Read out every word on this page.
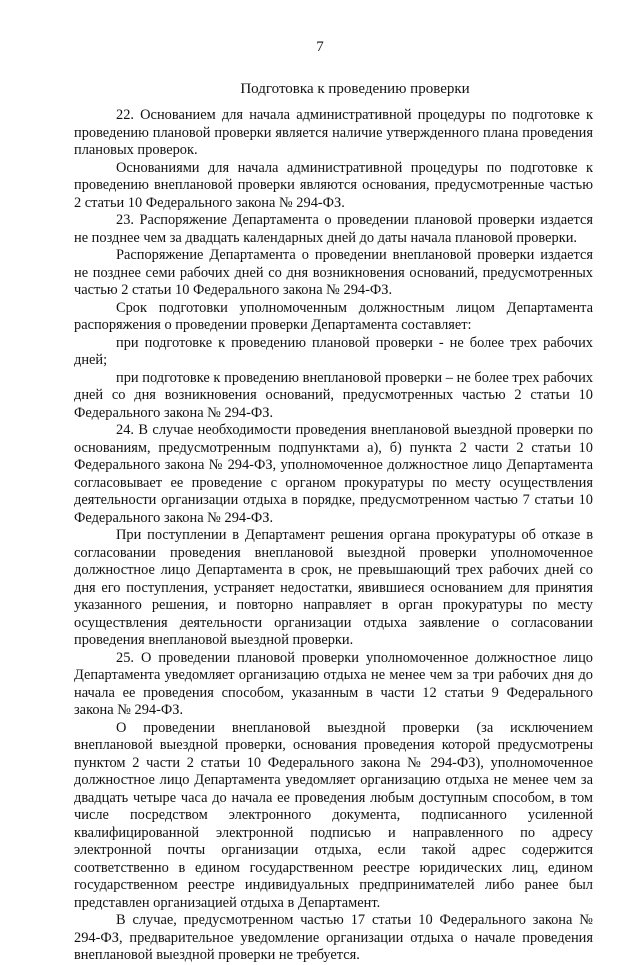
7
Подготовка к проведению проверки

22. Основанием для начала административной процедуры по подготовке к проведению плановой проверки является наличие утвержденного плана проведения плановых проверок.

Основаниями для начала административной процедуры по подготовке к проведению внеплановой проверки являются основания, предусмотренные частью 2 статьи 10 Федерального закона № 294-ФЗ.

23. Распоряжение Департамента о проведении плановой проверки издается не позднее чем за двадцать календарных дней до даты начала плановой проверки.

Распоряжение Департамента о проведении внеплановой проверки издается не позднее семи рабочих дней со дня возникновения оснований, предусмотренных частью 2 статьи 10 Федерального закона № 294-ФЗ.

Срок подготовки уполномоченным должностным лицом Департамента распоряжения о проведении проверки Департамента составляет:

при подготовке к проведению плановой проверки - не более трех рабочих дней;

при подготовке к проведению внеплановой проверки – не более трех рабочих дней со дня возникновения оснований, предусмотренных частью 2 статьи 10 Федерального закона № 294-ФЗ.

24. В случае необходимости проведения внеплановой выездной проверки по основаниям, предусмотренным подпунктами а), б) пункта 2 части 2 статьи 10 Федерального закона № 294-ФЗ, уполномоченное должностное лицо Департамента согласовывает ее проведение с органом прокуратуры по месту осуществления деятельности организации отдыха в порядке, предусмотренном частью 7 статьи 10 Федерального закона № 294-ФЗ.

При поступлении в Департамент решения органа прокуратуры об отказе в согласовании проведения внеплановой выездной проверки уполномоченное должностное лицо Департамента в срок, не превышающий трех рабочих дней со дня его поступления, устраняет недостатки, явившиеся основанием для принятия указанного решения, и повторно направляет в орган прокуратуры по месту осуществления деятельности организации отдыха заявление о согласовании проведения внеплановой выездной проверки.

25. О проведении плановой проверки уполномоченное должностное лицо Департамента уведомляет организацию отдыха не менее чем за три рабочих дня до начала ее проведения способом, указанным в части 12 статьи 9 Федерального закона № 294-ФЗ.

О проведении внеплановой выездной проверки (за исключением внеплановой выездной проверки, основания проведения которой предусмотрены пунктом 2 части 2 статьи 10 Федерального закона № 294-ФЗ), уполномоченное должностное лицо Департамента уведомляет организацию отдыха не менее чем за двадцать четыре часа до начала ее проведения любым доступным способом, в том числе посредством электронного документа, подписанного усиленной квалифицированной электронной подписью и направленного по адресу электронной почты организации отдыха, если такой адрес содержится соответственно в едином государственном реестре юридических лиц, едином государственном реестре индивидуальных предпринимателей либо ранее был представлен организацией отдыха в Департамент.

В случае, предусмотренном частью 17 статьи 10 Федерального закона № 294-ФЗ, предварительное уведомление организации отдыха о начале проведения внеплановой выездной проверки не требуется.
